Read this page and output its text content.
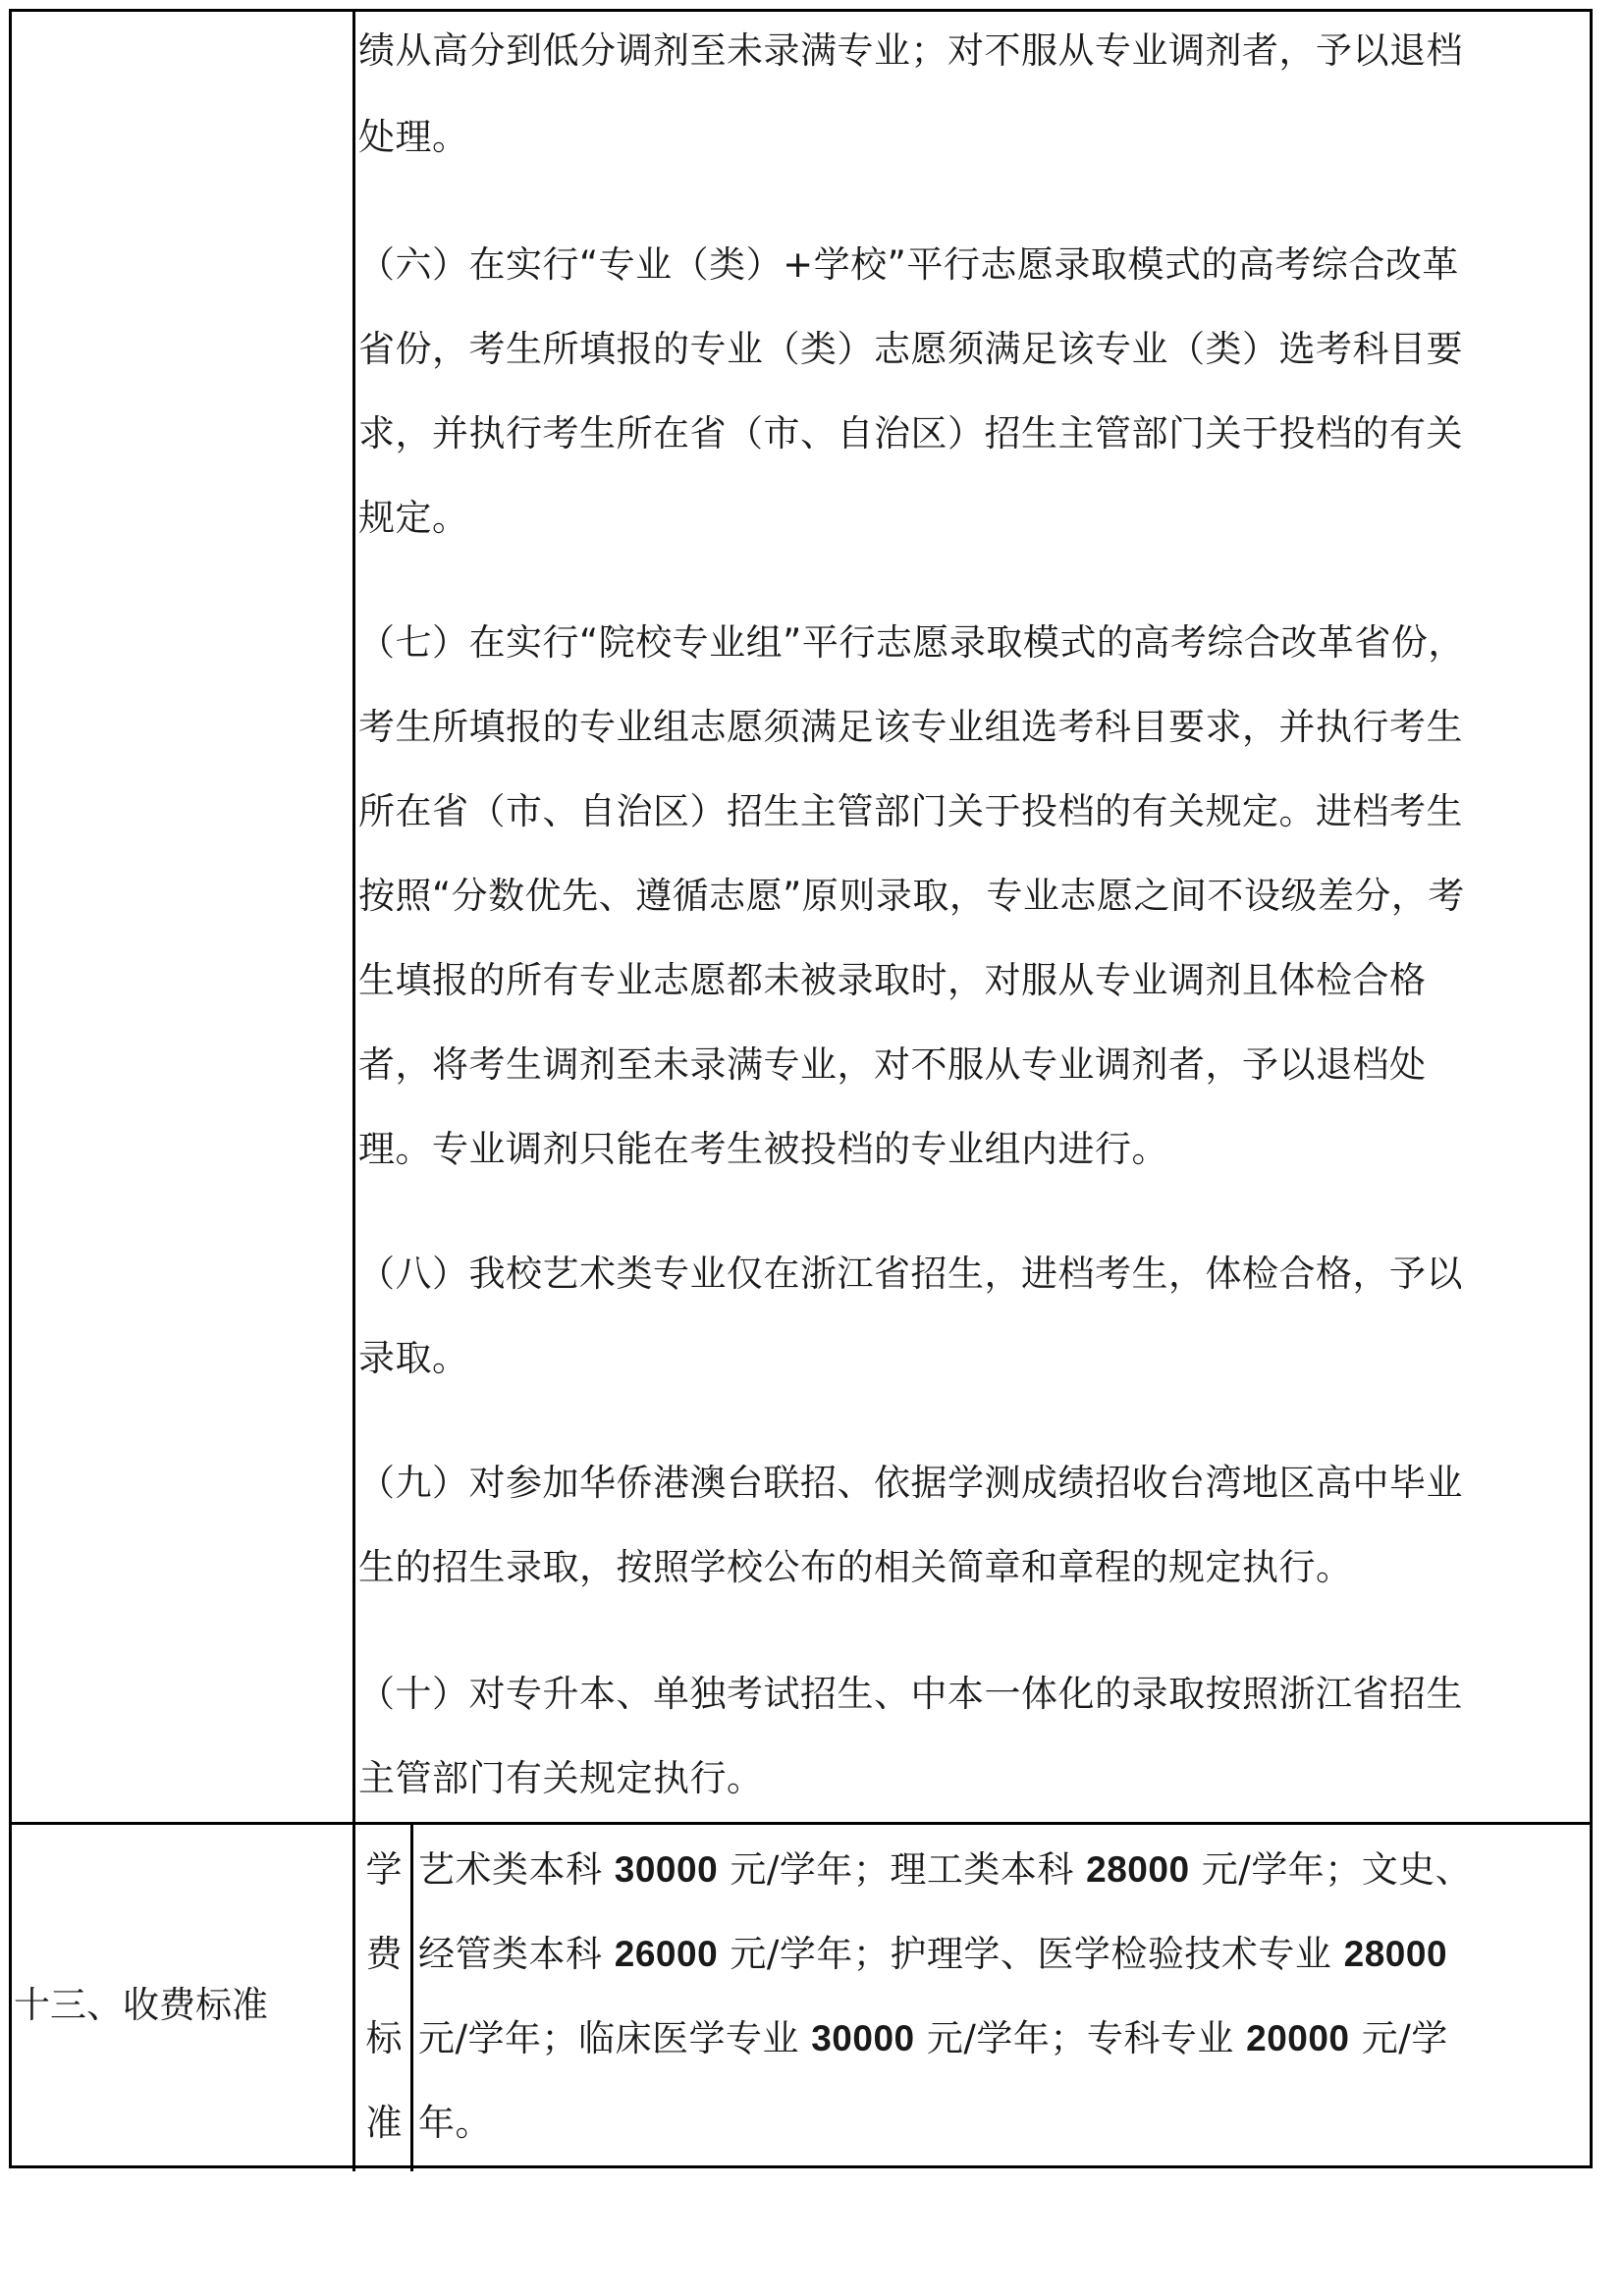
绩从高分到低分调剂至未录满专业；对不服从专业调剂者，予以退档
处理。
（六）在实行“专业（类）+学校”平行志愿录取模式的高考综合改革
省份，考生所填报的专业（类）志愿须满足该专业（类）选考科目要
求，并执行考生所在省（市、自治区）招生主管部门关于投档的有关
规定。
（七）在实行“院校专业组”平行志愿录取模式的高考综合改革省份，
考生所填报的专业组志愿须满足该专业组选考科目要求，并执行考生
所在省（市、自治区）招生主管部门关于投档的有关规定。进档考生
按照“分数优先、遵循志愿”原则录取，专业志愿之间不设级差分，考
生填报的所有专业志愿都未被录取时，对服从专业调剂且体检合格
者，将考生调剂至未录满专业，对不服从专业调剂者，予以退档处
理。专业调剂只能在考生被投档的专业组内进行。
（八）我校艺术类专业仅在浙江省招生，进档考生，体检合格，予以
录取。
（九）对参加华侨港澳台联招、依据学测成绩招收台湾地区高中毕业
生的招生录取，按照学校公布的相关简章和章程的规定执行。
（十）对专升本、单独考试招生、中本一体化的录取按照浙江省招生
主管部门有关规定执行。
十三、收费标准
学
费
标
准
艺术类本科 30000 元/学年；理工类本科 28000 元/学年；文史、
经管类本科 26000 元/学年；护理学、医学检验技术专业 28000
元/学年；临床医学专业 30000 元/学年；专科专业 20000 元/学
年。
